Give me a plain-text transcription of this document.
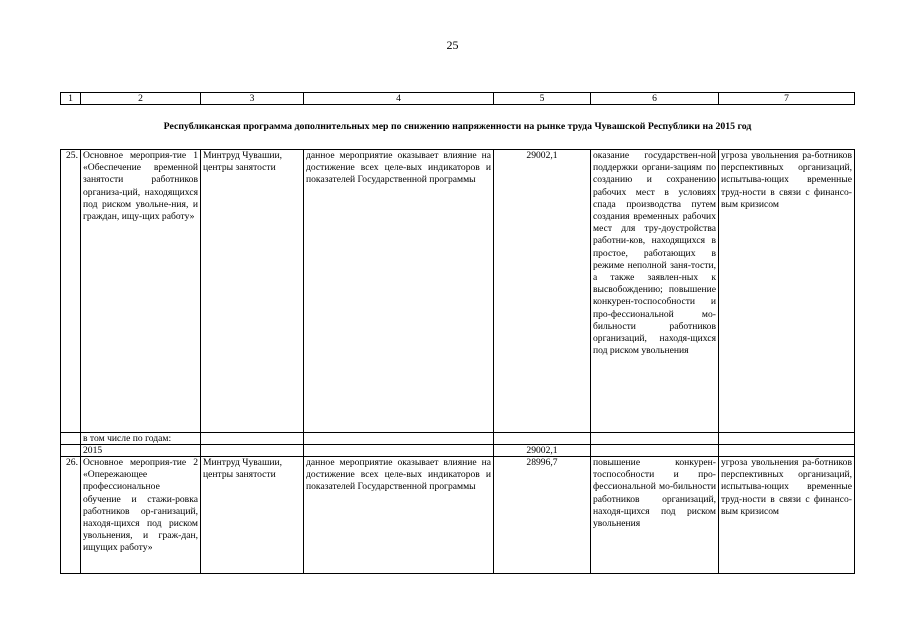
25
1	2	3	4	5	6	7
Республиканская программа дополнительных мер по снижению напряженности на рынке труда Чувашской Республики на 2015 год						
25.	Основное мероприя-тие 1 «Обеспечение временной занятости работников организа-ций, находящихся под риском увольне-ния, и граждан, ищу-щих работу»	Минтруд Чувашии, центры занятости	данное мероприятие оказывает влияние на достижение всех целе-вых индикаторов и показателей Государственной программы	29002,1	оказание государствен-ной поддержки органи-зациям по созданию и сохранению рабочих мест в условиях спада производства путем создания временных рабочих мест для тру-доустройства работни-ков, находящихся в простое, работающих в режиме неполной заня-тости, а также заявлен-ных к высвобождению; повышение конкурен-тоспособности и про-фессиональной мо-бильности работников организаций, находя-щихся под риском увольнения	угроза увольнения ра-ботников перспективных организаций, испытыва-ющих временные труд-ности в связи с финансо-вым кризисом
	в том числе по годам:					
	2015			29002,1		
26.	Основное мероприя-тие 2 «Опережающее профессиональное обучение и стажи-ровка работников ор-ганизаций, находя-щихся под риском увольнения, и граж-дан, ищущих работу»	Минтруд Чувашии, центры занятости	данное мероприятие оказывает влияние на достижение всех целе-вых индикаторов и показателей Государственной программы	28996,7	повышение конкурен-тоспособности и про-фессиональной мо-бильности работников организаций, находя-щихся под риском увольнения	угроза увольнения ра-ботников перспективных организаций, испытыва-ющих временные труд-ности в связи с финансо-вым кризисом
